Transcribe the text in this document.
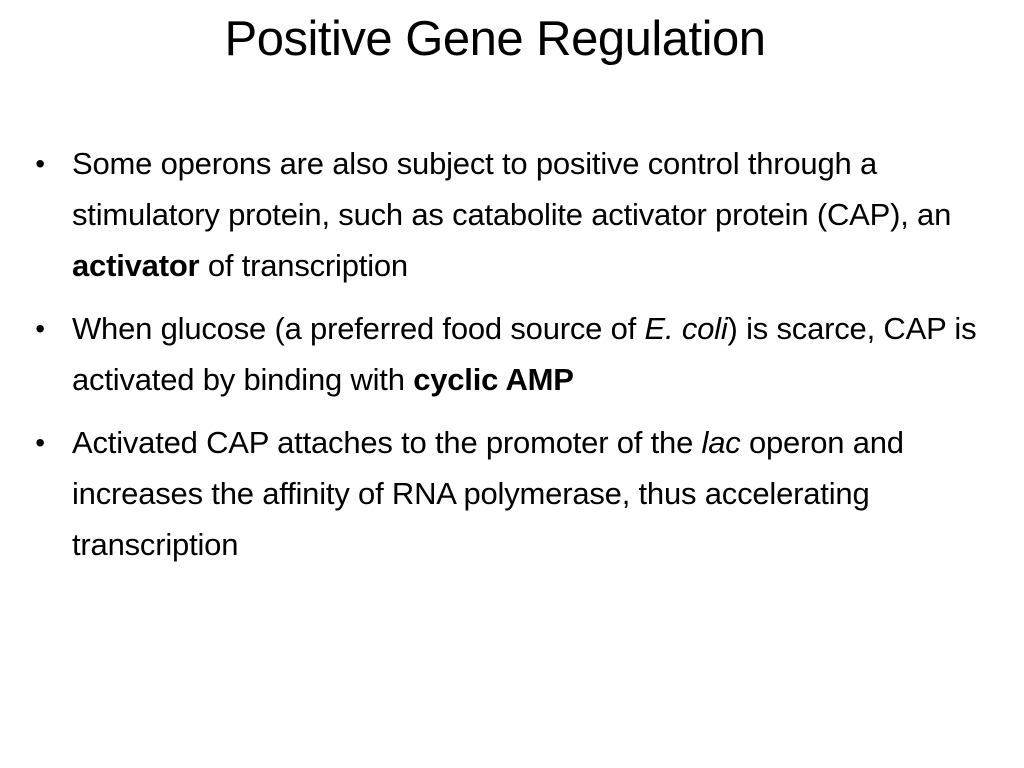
Positive Gene Regulation
• Some operons are also subject to positive control through a stimulatory protein, such as catabolite activator protein (CAP), an activator of transcription
• When glucose (a preferred food source of E. coli) is scarce, CAP is activated by binding with cyclic AMP
• Activated CAP attaches to the promoter of the lac operon and increases the affinity of RNA polymerase, thus accelerating transcription
